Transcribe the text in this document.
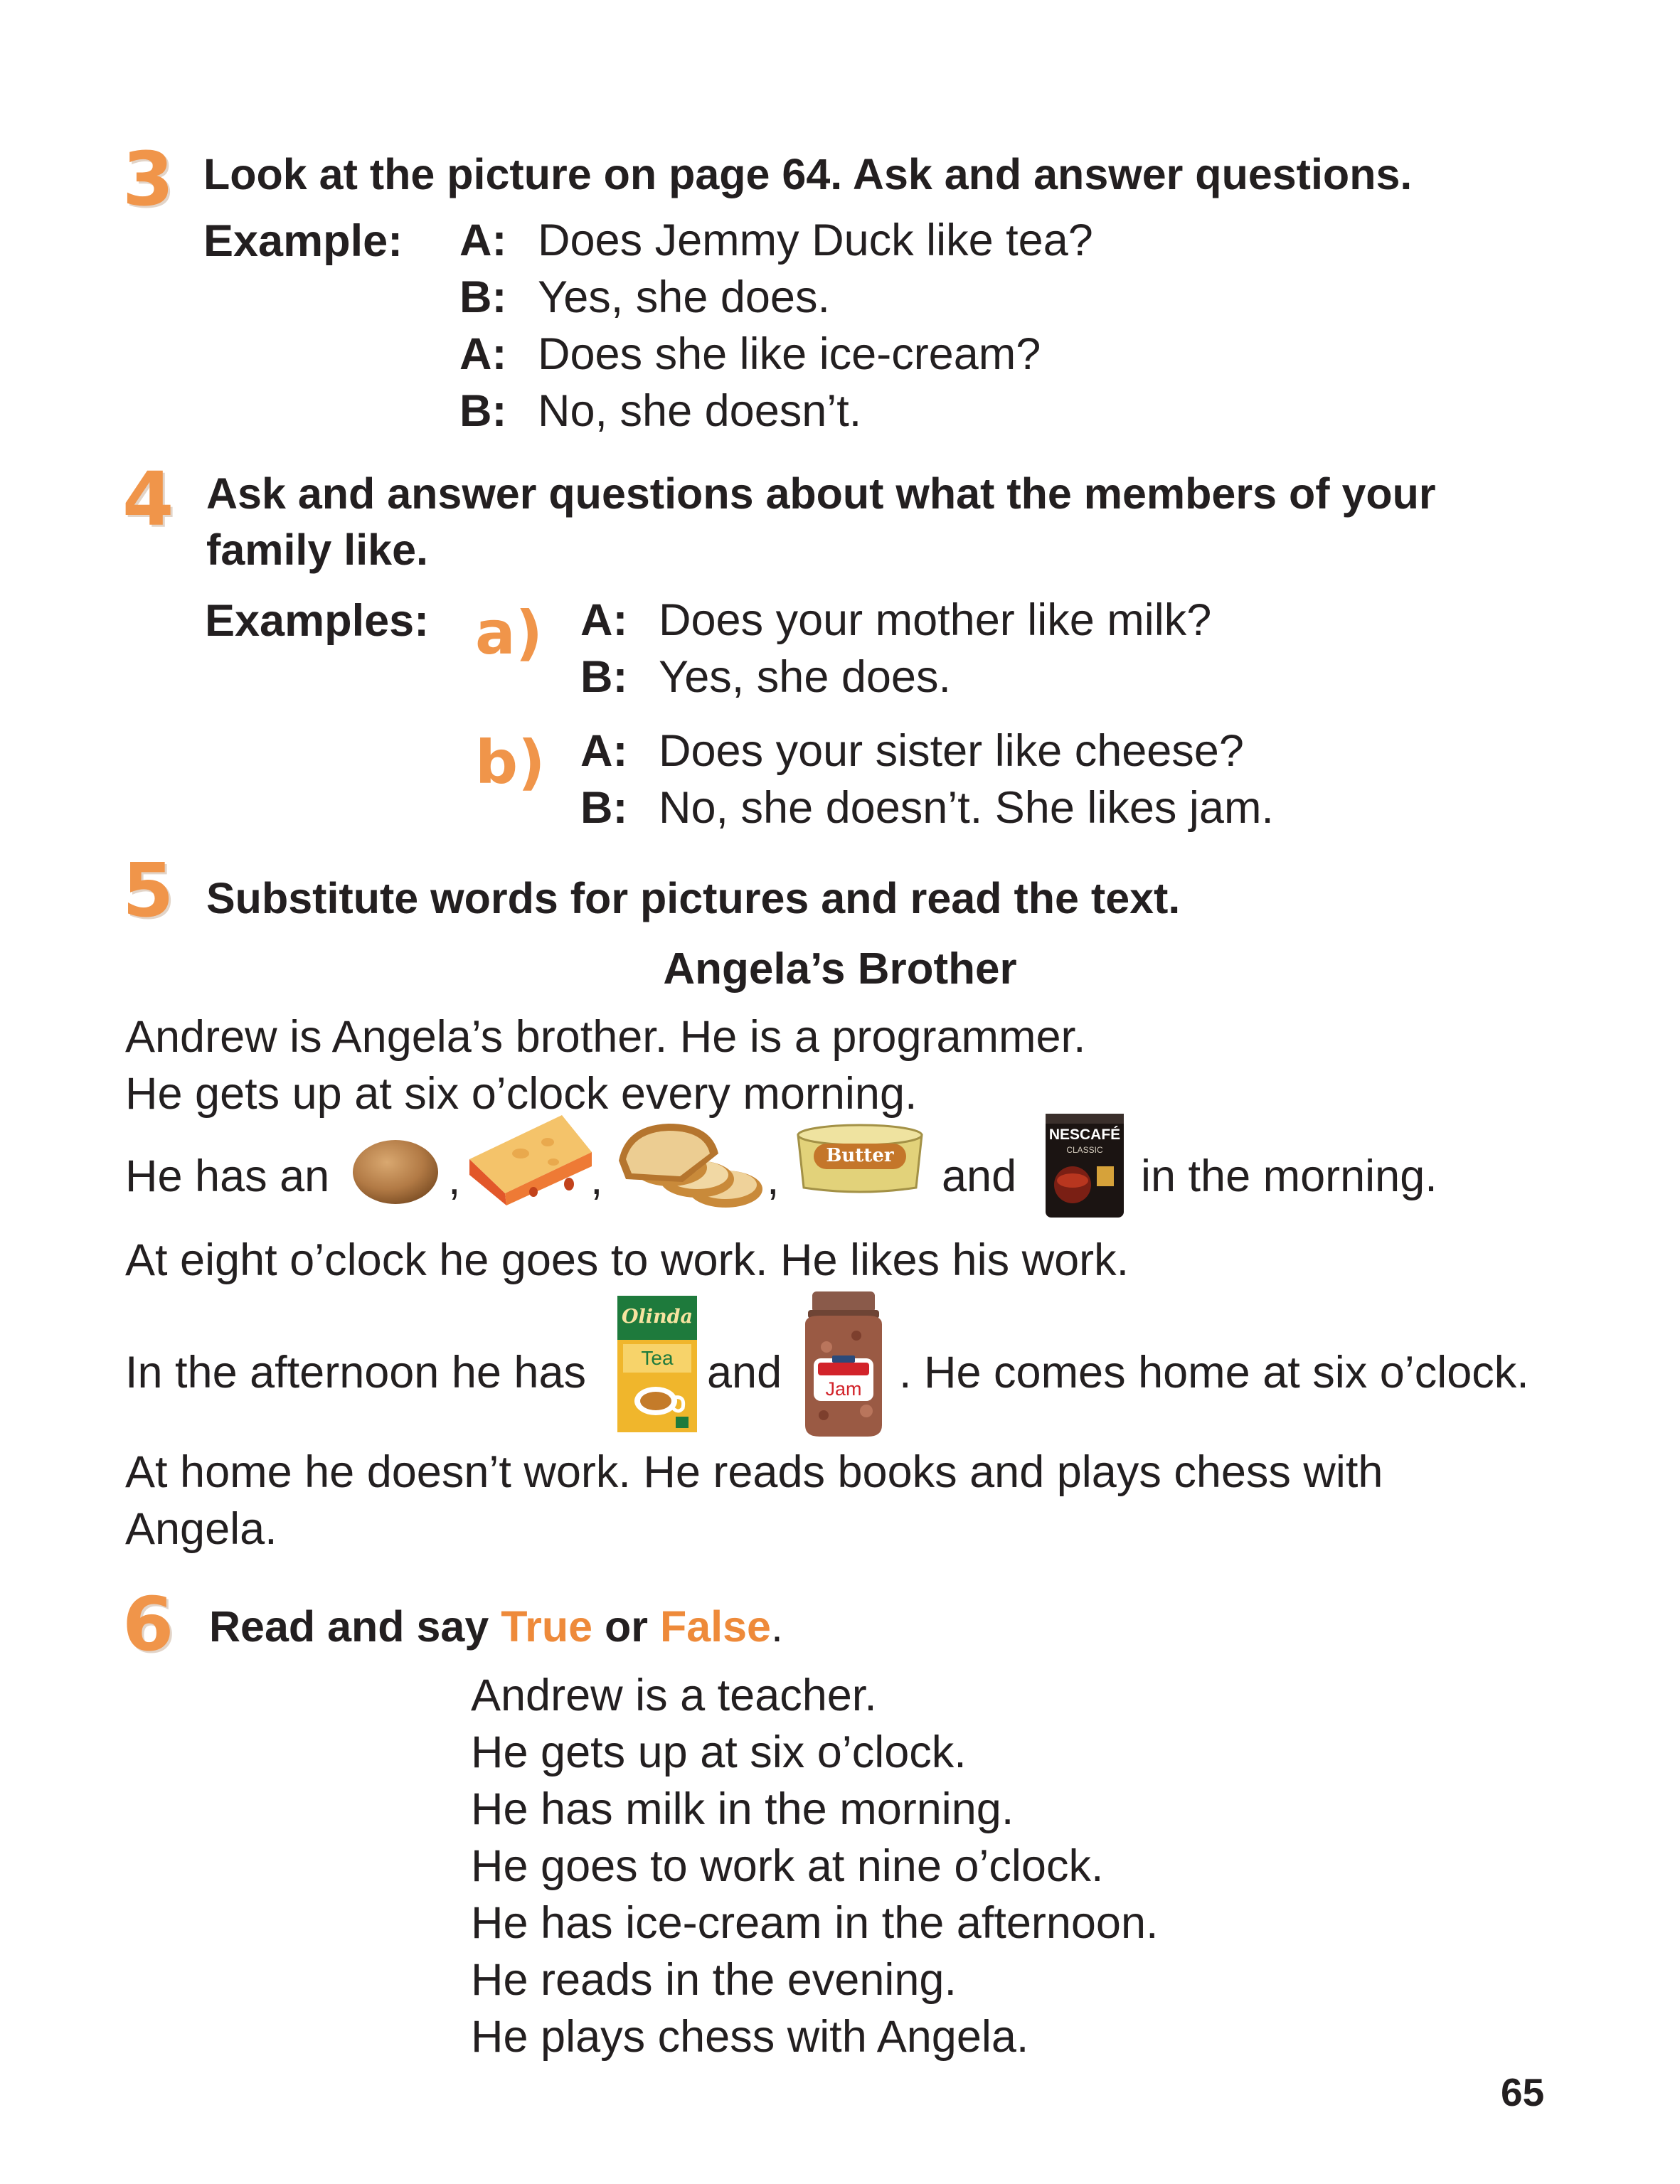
3 Look at the picture on page 64. Ask and answer questions.
Example: A: Does Jemmy Duck like tea?
B: Yes, she does.
A: Does she like ice-cream?
B: No, she doesn’t.
4 Ask and answer questions about what the members of your
family like.
Examples: a) A: Does your mother like milk?
B: Yes, she does.
b) A: Does your sister like cheese?
B: No, she doesn’t. She likes jam.
5 Substitute words for pictures and read the text.
Angela’s Brother
Andrew is Angela’s brother. He is a programmer.
He gets up at six o’clock every morning.
He has an	,	,	,	Butter	and
NESCAFÉ
CLASSIC
in the morning.
At eight o’clock he goes to work. He likes his work.
In the afternoon he has
Olinda
Tea and	Jam . He comes home at six o’clock.
At home he doesn’t work. He reads books and plays chess with
Angela.
6 Read and say True or False.
Andrew is a teacher.
He gets up at six o’clock.
He has milk in the morning.
He goes to work at nine o’clock.
He has ice-cream in the afternoon.
He reads in the evening.
He plays chess with Angela.
65
